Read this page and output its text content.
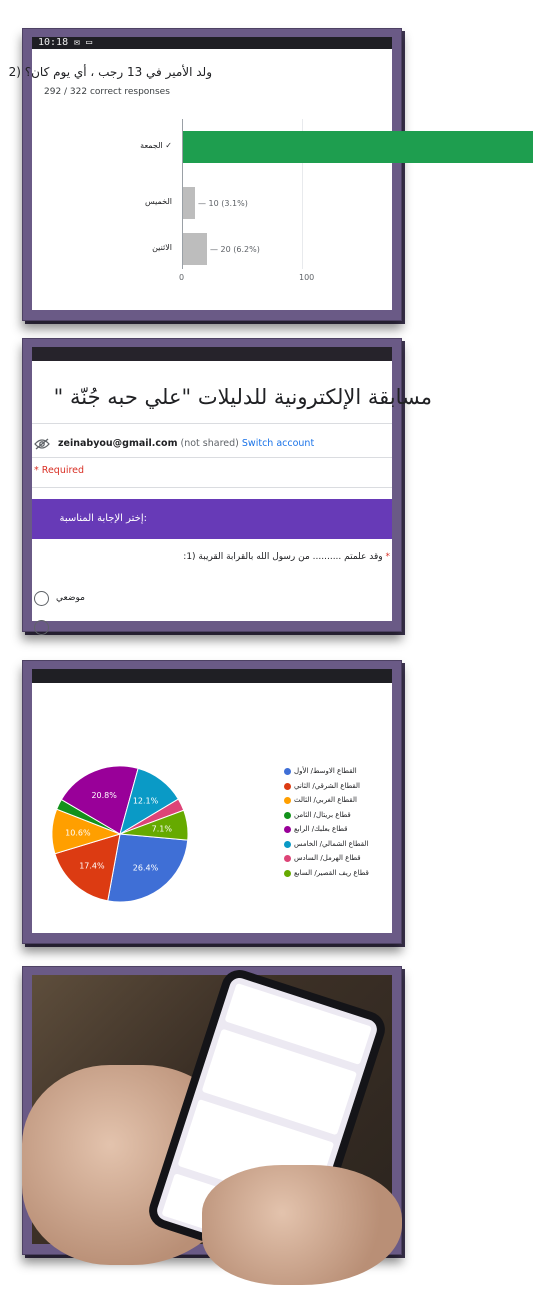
10:18 ✉ ▭
ولد الأمير في 13 رجب ، أي يوم كان؟ (2
292 / 322 correct responses
✓ الجمعة
الخميس	— 10 (3.1%)
الاثنين	— 20 (6.2%)
0	100
مسابقة الإلكترونية للدليلات "علي حبه جُنّة "
zeinabyou@gmail.com (not shared) Switch account
* Required
:إختر الإجابة المناسبة
* وقد علمتم .......... من رسول الله بالقرابة القريبة (1:
موضعي
26.4%
17.4%
10.6%
20.8%
12.1%
7.1%
القطاع الاوسط/ الأول
القطاع الشرقي/ الثاني
القطاع الغربي/ الثالث
قطاع بريتال/ الثامن
قطاع بعلبك/ الرابع
القطاع الشمالي/ الخامس
قطاع الهرمل/ السادس
قطاع ريف القصير/ السابع
